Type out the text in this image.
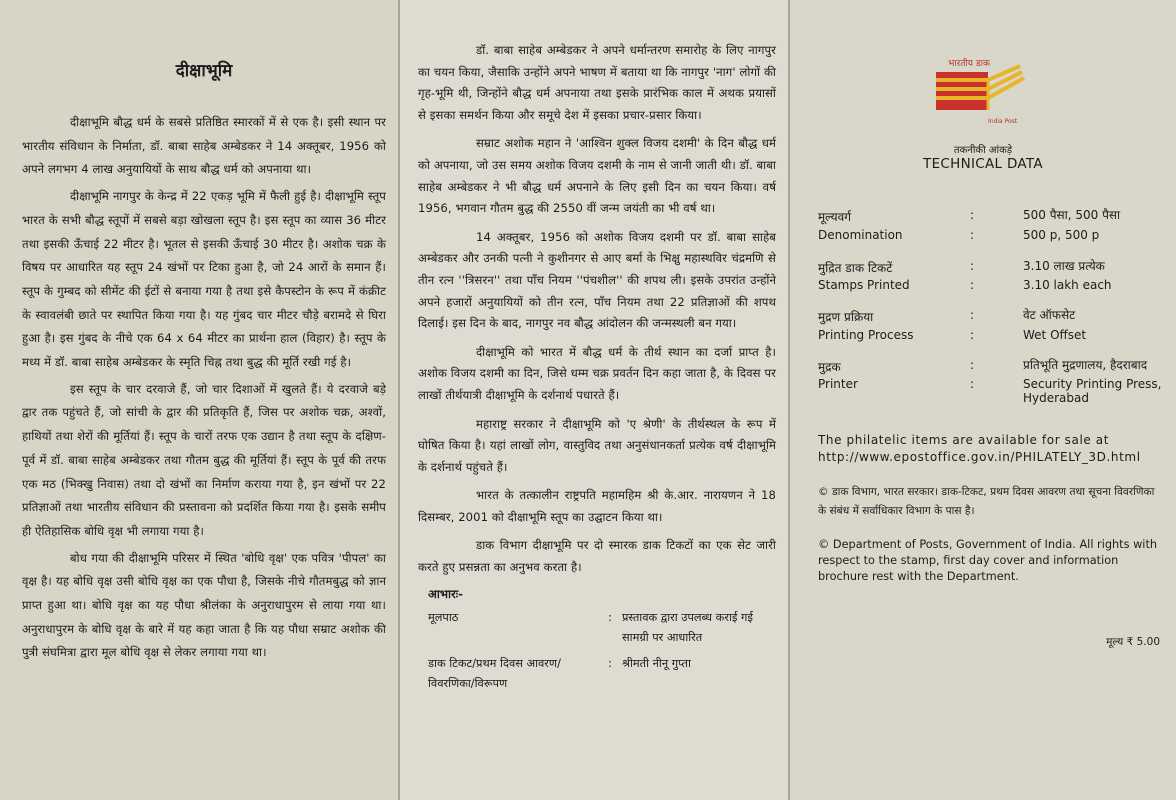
दीक्षाभूमि

दीक्षाभूमि बौद्ध धर्म के सबसे प्रतिष्ठित स्मारकों में से एक है। इसी स्थान पर भारतीय संविधान के निर्माता, डॉ. बाबा साहेब अम्बेडकर ने 14 अक्तूबर, 1956 को अपने लगभग 4 लाख अनुयायियों के साथ बौद्ध धर्म को अपनाया था।

दीक्षाभूमि नागपुर के केन्द्र में 22 एकड़ भूमि में फैली हुई है। दीक्षाभूमि स्तूप भारत के सभी बौद्ध स्तूपों में सबसे बड़ा खोखला स्तूप है। इस स्तूप का व्यास 36 मीटर तथा इसकी ऊँचाई 22 मीटर है। भूतल से इसकी ऊँचाई 30 मीटर है। अशोक चक्र के विषय पर आधारित यह स्तूप 24 खंभों पर टिका हुआ है, जो 24 आरों के समान हैं। स्तूप के गुम्बद को सीमेंट की ईटों से बनाया गया है तथा इसे कैपस्टोन के रूप में कंक्रीट के स्वावलंबी छाते पर स्थापित किया गया है। यह गुंबद चार मीटर चौड़े बरामदे से घिरा हुआ है। इस गुंबद के नीचे एक 64 x 64 मीटर का प्रार्थना हाल (विहार) है। स्तूप के मध्य में डॉ. बाबा साहेब अम्बेडकर के स्मृति चिह्न तथा बुद्ध की मूर्ति रखी गई है।

इस स्तूप के चार दरवाजे हैं, जो चार दिशाओं में खुलते हैं। ये दरवाजे बड़े द्वार तक पहुंचते हैं, जो सांची के द्वार की प्रतिकृति हैं, जिस पर अशोक चक्र, अश्वों, हाथियों तथा शेरों की मूर्तियां हैं। स्तूप के चारों तरफ एक उद्यान है तथा स्तूप के दक्षिण-पूर्व में डॉ. बाबा साहेब अम्बेडकर तथा गौतम बुद्ध की मूर्तियां हैं। स्तूप के पूर्व की तरफ एक मठ (भिक्खु निवास) तथा दो खंभों का निर्माण कराया गया है, इन खंभों पर 22 प्रतिज्ञाओं तथा भारतीय संविधान की प्रस्तावना को प्रदर्शित किया गया है। इसके समीप ही ऐतिहासिक बोधि वृक्ष भी लगाया गया है।

बोध गया की दीक्षाभूमि परिसर में स्थित 'बोधि वृक्ष' एक पवित्र 'पीपल' का वृक्ष है। यह बोधि वृक्ष उसी बोधि वृक्ष का एक पौधा है, जिसके नीचे गौतमबुद्ध को ज्ञान प्राप्त हुआ था। बोधि वृक्ष का यह पौधा श्रीलंका के अनुराधापुरम से लाया गया था। अनुराधापुरम के बोधि वृक्ष के बारे में यह कहा जाता है कि यह पौधा सम्राट अशोक की पुत्री संघमित्रा द्वारा मूल बोधि वृक्ष से लेकर लगाया गया था।

डॉ. बाबा साहेब अम्बेडकर ने अपने धर्मान्तरण समारोह के लिए नागपुर का चयन किया, जैसाकि उन्होंने अपने भाषण में बताया था कि नागपुर 'नाग' लोगों की गृह-भूमि थी, जिन्होंने बौद्ध धर्म अपनाया तथा इसके प्रारंभिक काल में अथक प्रयासों से इसका समर्थन किया और समूचे देश में इसका प्रचार-प्रसार किया।

सम्राट अशोक महान ने 'आश्विन शुक्ल विजय दशमी' के दिन बौद्ध धर्म को अपनाया, जो उस समय अशोक विजय दशमी के नाम से जानी जाती थी। डॉ. बाबा साहेब अम्बेडकर ने भी बौद्ध धर्म अपनाने के लिए इसी दिन का चयन किया। वर्ष 1956, भगवान गौतम बुद्ध की 2550 वीं जन्म जयंती का भी वर्ष था।

14 अक्तूबर, 1956 को अशोक विजय दशमी पर डॉ. बाबा साहेब अम्बेडकर और उनकी पत्नी ने कुशीनगर से आए बर्मा के भिक्षु महास्थविर चंद्रमणि से तीन रत्न ''त्रिसरन'' तथा पाँच नियम ''पंचशील'' की शपथ ली। इसके उपरांत उन्होंने अपने हजारों अनुयायियों को तीन रत्न, पाँच नियम तथा 22 प्रतिज्ञाओं की शपथ दिलाई। इस दिन के बाद, नागपुर नव बौद्ध आंदोलन की जन्मस्थली बन गया।

दीक्षाभूमि को भारत में बौद्ध धर्म के तीर्थ स्थान का दर्जा प्राप्त है। अशोक विजय दशमी का दिन, जिसे धम्म चक्र प्रवर्तन दिन कहा जाता है, के दिवस पर लाखों तीर्थयात्री दीक्षाभूमि के दर्शनार्थ पधारते हैं।

महाराष्ट्र सरकार ने दीक्षाभूमि को 'ए श्रेणी' के तीर्थस्थल के रूप में घोषित किया है। यहां लाखों लोग, वास्तुविद तथा अनुसंधानकर्ता प्रत्येक वर्ष दीक्षाभूमि के दर्शनार्थ पहुंचते हैं।

भारत के तत्कालीन राष्ट्रपति महामहिम श्री के.आर. नारायणन ने 18 दिसम्बर, 2001 को दीक्षाभूमि स्तूप का उद्घाटन किया था।

डाक विभाग दीक्षाभूमि पर दो स्मारक डाक टिकटों का एक सेट जारी करते हुए प्रसन्नता का अनुभव करता है।

आभारः-
मूलपाठ	: प्रस्तावक द्वारा उपलब्ध कराई गई सामग्री पर आधारित
डाक टिकट/प्रथम दिवस आवरण/ विवरणिका/विरूपण
: श्रीमती नीनू गुप्ता
भारतीय डाक
India Post
तकनीकी आंकड़े
TECHNICAL DATA
मूल्यवर्ग	:	500 पैसा, 500 पैसा
Denomination	:	500 p, 500 p
मुद्रित डाक टिकटें	:	3.10 लाख प्रत्येक
Stamps Printed	:	3.10 lakh each
मुद्रण प्रक्रिया	:	वेट ऑफसेट
Printing Process	:	Wet Offset
मुद्रक	:	प्रतिभूति मुद्रणालय, हैदराबाद
Printer	:	Security Printing Press, Hyderabad
The philatelic items are available for sale at http://www.epostoffice.gov.in/PHILATELY_3D.html
© डाक विभाग, भारत सरकार। डाक-टिकट, प्रथम दिवस आवरण तथा सूचना विवरणिका के संबंध में सर्वाधिकार विभाग के पास है।
© Department of Posts, Government of India. All rights with respect to the stamp, first day cover and information brochure rest with the Department.
मूल्य ₹ 5.00
